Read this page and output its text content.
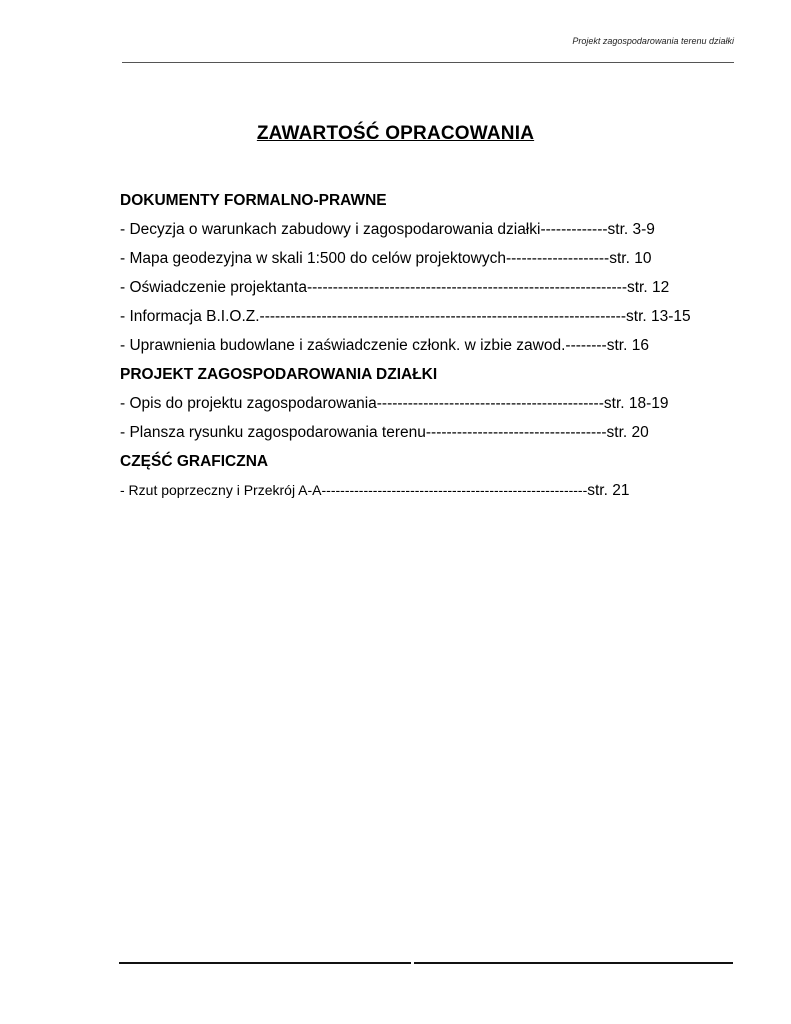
Projekt zagospodarowania terenu działki
ZAWARTOŚĆ OPRACOWANIA
DOKUMENTY FORMALNO-PRAWNE
- Decyzja o warunkach zabudowy i zagospodarowania działki-------------str. 3-9
- Mapa geodezyjna w skali 1:500 do celów projektowych--------------------str. 10
- Oświadczenie projektanta--------------------------------------------------------------str. 12
- Informacja B.I.O.Z.-----------------------------------------------------------------------str. 13-15
- Uprawnienia budowlane i zaświadczenie członk. w izbie zawod.--------str. 16
PROJEKT ZAGOSPODAROWANIA DZIAŁKI
- Opis do projektu zagospodarowania--------------------------------------------str. 18-19
- Plansza rysunku zagospodarowania terenu-----------------------------------str. 20
CZĘŚĆ GRAFICZNA
- Rzut poprzeczny i Przekrój A-A---------------------------------------------------------str. 21
